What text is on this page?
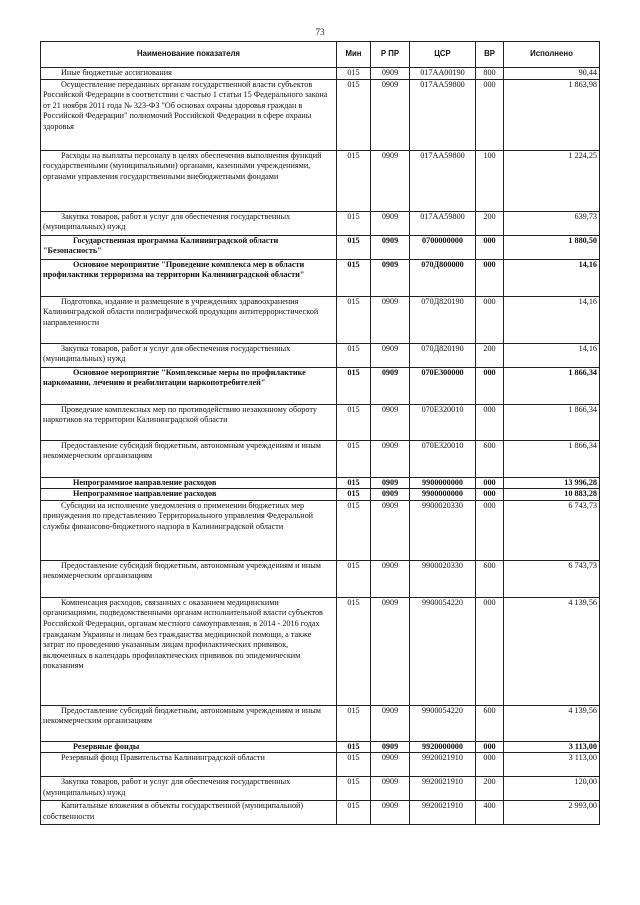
73
Наименование показателя	Мин	Р ПР	ЦСР	ВР	Исполнено
Иные бюджетные ассигнования	015	0909	017АА00190	800	90,44
Осуществление переданных органам государственной власти субъектов Российской Федерации в соответствии с частью 1 статьи 15 Федерального закона от 21 ноября 2011 года № 323-ФЗ "Об основах охраны здоровья граждан в Российской Федерации" полномочий Российской Федерации в сфере охраны здоровья	015	0909	017АА59800	000	1 863,98
Расходы на выплаты персоналу в целях обеспечения выполнения функций государственными (муниципальными) органами, казенными учреждениями, органами управления государственными внебюджетными фондами	015	0909	017АА59800	100	1 224,25
Закупка товаров, работ и услуг для обеспечения государственных (муниципальных) нужд	015	0909	017АА59800	200	639,73
Государственная программа Калининградской области "Безопасность"	015	0909	0700000000	000	1 880,50
Основное мероприятие "Проведение комплекса мер в области профилактики терроризма на территории Калининградской области"	015	0909	070Д800000	000	14,16
Подготовка, издание и размещение в учреждениях здравоохранения Калининградской области полиграфической продукции антитеррористической направленности	015	0909	070Д820190	000	14,16
Закупка товаров, работ и услуг для обеспечения государственных (муниципальных) нужд	015	0909	070Д820190	200	14,16
Основное мероприятие "Комплексные меры по профилактике наркомании, лечению и реабилитации наркопотребителей"	015	0909	070Е300000	000	1 866,34
Проведение комплексных мер по противодействию незаконному обороту наркотиков на территории Калининградской области	015	0909	070Е320010	000	1 866,34
Предоставление субсидий бюджетным, автономным учреждениям и иным некоммерческим организациям	015	0909	070Е320010	600	1 866,34
Непрограммное направление расходов	015	0909	9900000000	000	13 996,28
Непрограммное направление расходов	015	0909	9900000000	000	10 883,28
Субсидии на исполнение уведомления о применении бюджетных мер принуждения по представлению Территориального управления Федеральной службы финансово-бюджетного надзора в Калининградской области	015	0909	9900020330	000	6 743,73
Предоставление субсидий бюджетным, автономным учреждениям и иным некоммерческим организациям	015	0909	9900020330	600	6 743,73
Компенсация расходов, связанных с оказанием медицинскими организациями, подведомственными органам исполнительной власти субъектов Российской Федерации, органам местного самоуправления, в 2014 - 2016 годах гражданам Украины и лицам без гражданства медицинской помощи, а также затрат по проведению указанным лицам профилактических прививок, включенных в календарь профилактических прививок по эпидемическим показаниям	015	0909	9900054220	000	4 139,56
Предоставление субсидий бюджетным, автономным учреждениям и иным некоммерческим организациям	015	0909	9900054220	600	4 139,56
Резервные фонды	015	0909	9920000000	000	3 113,00
Резервный фонд Правительства Калининградской области	015	0909	9920021910	000	3 113,00
Закупка товаров, работ и услуг для обеспечения государственных (муниципальных) нужд	015	0909	9920021910	200	120,00
Капитальные вложения в объекты государственной (муниципальной) собственности	015	0909	9920021910	400	2 993,00
